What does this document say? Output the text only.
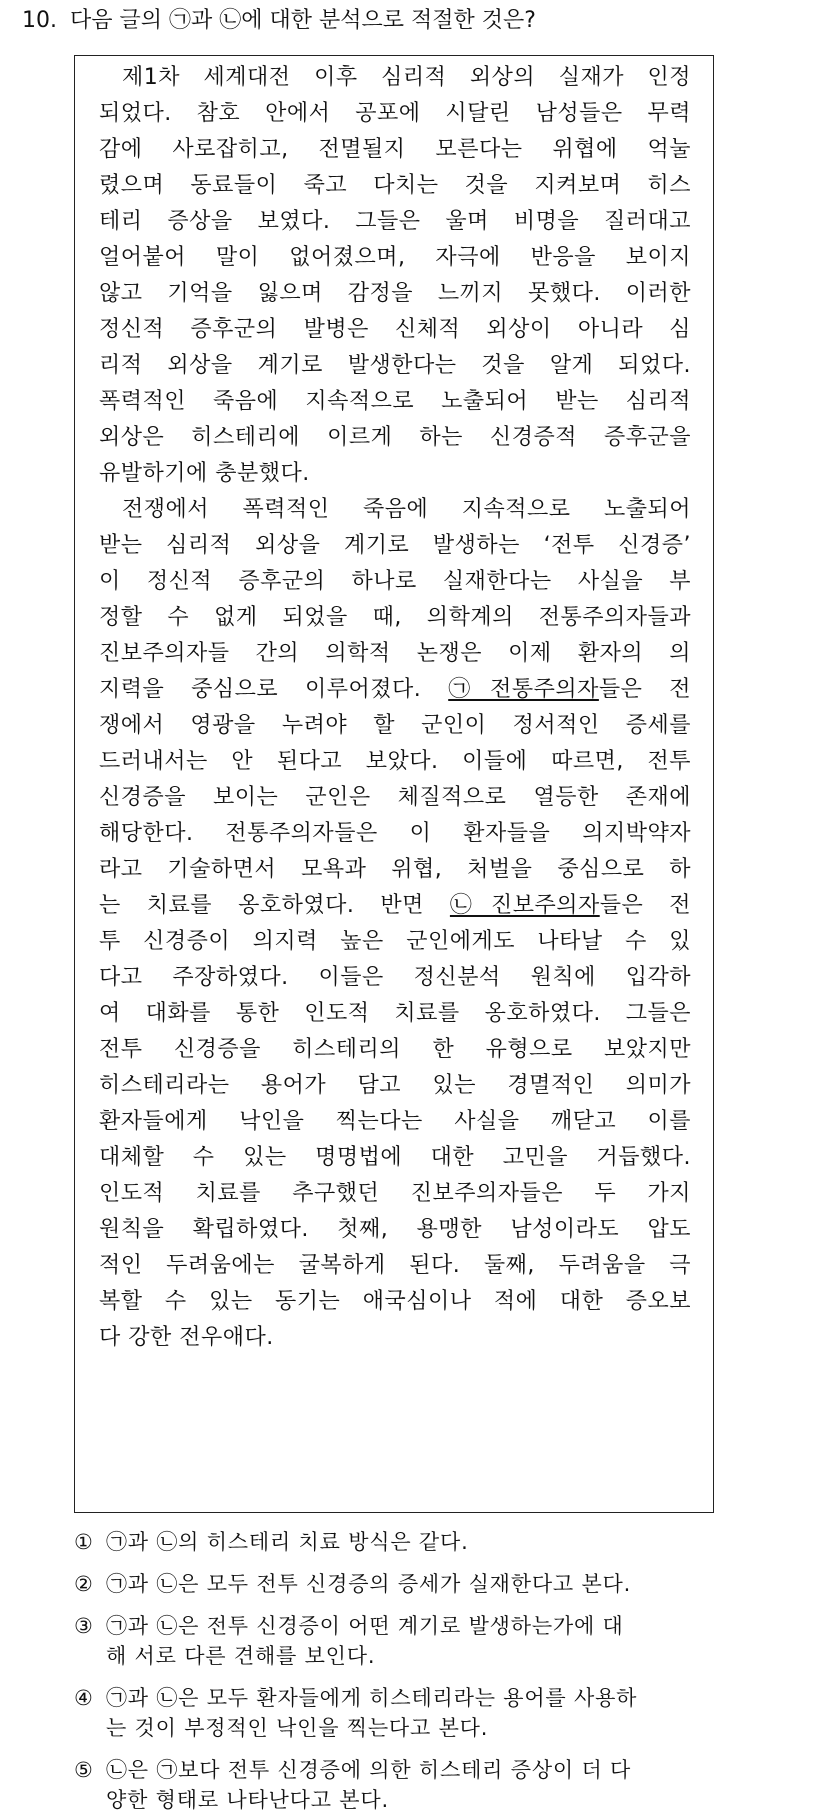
10. 다음 글의 ㉠과 ㉡에 대한 분석으로 적절한 것은?
제1차 세계대전 이후 심리적 외상의 실재가 인정
되었다. 참호 안에서 공포에 시달린 남성들은 무력
감에 사로잡히고, 전멸될지 모른다는 위협에 억눌
렸으며 동료들이 죽고 다치는 것을 지켜보며 히스
테리 증상을 보였다. 그들은 울며 비명을 질러대고
얼어붙어 말이 없어졌으며, 자극에 반응을 보이지
않고 기억을 잃으며 감정을 느끼지 못했다. 이러한
정신적 증후군의 발병은 신체적 외상이 아니라 심
리적 외상을 계기로 발생한다는 것을 알게 되었다.
폭력적인 죽음에 지속적으로 노출되어 받는 심리적
외상은 히스테리에 이르게 하는 신경증적 증후군을
유발하기에 충분했다.
전쟁에서 폭력적인 죽음에 지속적으로 노출되어
받는 심리적 외상을 계기로 발생하는 ‘전투 신경증’
이 정신적 증후군의 하나로 실재한다는 사실을 부
정할 수 없게 되었을 때, 의학계의 전통주의자들과
진보주의자들 간의 의학적 논쟁은 이제 환자의 의
지력을 중심으로 이루어졌다. ㉠전통주의자들은 전
쟁에서 영광을 누려야 할 군인이 정서적인 증세를
드러내서는 안 된다고 보았다. 이들에 따르면, 전투
신경증을 보이는 군인은 체질적으로 열등한 존재에
해당한다. 전통주의자들은 이 환자들을 의지박약자
라고 기술하면서 모욕과 위협, 처벌을 중심으로 하
는 치료를 옹호하였다. 반면 ㉡진보주의자들은 전
투 신경증이 의지력 높은 군인에게도 나타날 수 있
다고 주장하였다. 이들은 정신분석 원칙에 입각하
여 대화를 통한 인도적 치료를 옹호하였다. 그들은
전투 신경증을 히스테리의 한 유형으로 보았지만
히스테리라는 용어가 담고 있는 경멸적인 의미가
환자들에게 낙인을 찍는다는 사실을 깨닫고 이를
대체할 수 있는 명명법에 대한 고민을 거듭했다.
인도적 치료를 추구했던 진보주의자들은 두 가지
원칙을 확립하였다. 첫째, 용맹한 남성이라도 압도
적인 두려움에는 굴복하게 된다. 둘째, 두려움을 극
복할 수 있는 동기는 애국심이나 적에 대한 증오보
다 강한 전우애다.
① ㉠과 ㉡의 히스테리 치료 방식은 같다.
② ㉠과 ㉡은 모두 전투 신경증의 증세가 실재한다고 본다.
③ ㉠과 ㉡은 전투 신경증이 어떤 계기로 발생하는가에 대
해 서로 다른 견해를 보인다.
④ ㉠과 ㉡은 모두 환자들에게 히스테리라는 용어를 사용하
는 것이 부정적인 낙인을 찍는다고 본다.
⑤ ㉡은 ㉠보다 전투 신경증에 의한 히스테리 증상이 더 다
양한 형태로 나타난다고 본다.
